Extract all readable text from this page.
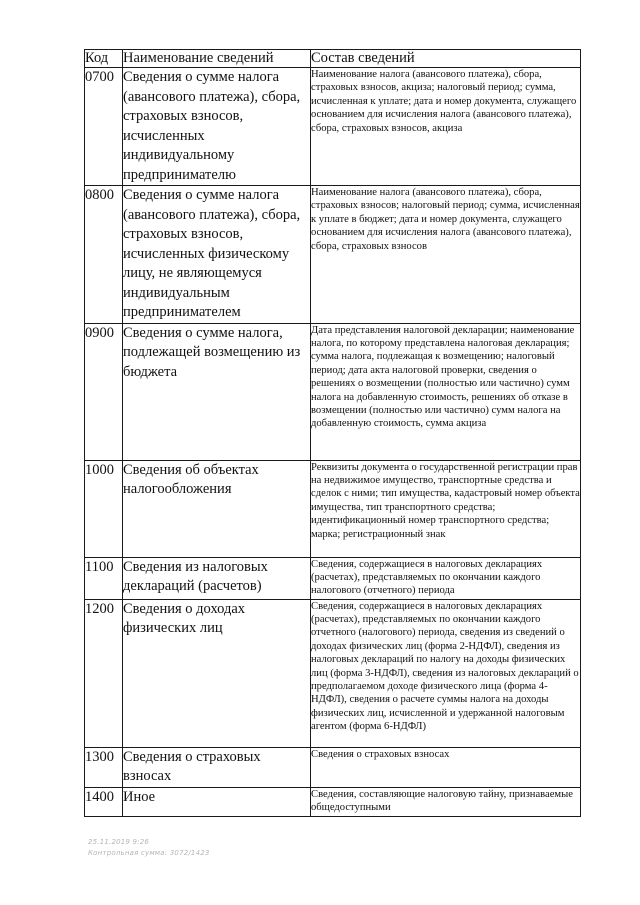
Код	Наименование сведений	Состав сведений
0700	Сведения о сумме налога (авансового платежа), сбора, страховых взносов, исчисленных индивидуальному предпринимателю	Наименование налога (авансового платежа), сбора, страховых взносов, акциза; налоговый период; сумма, исчисленная к уплате; дата и номер документа, служащего основанием для исчисления налога (авансового платежа), сбора, страховых взносов, акциза
0800	Сведения о сумме налога (авансового платежа), сбора, страховых взносов, исчисленных физическому лицу, не являющемуся индивидуальным предпринимателем	Наименование налога (авансового платежа), сбора, страховых взносов; налоговый период; сумма, исчисленная к уплате в бюджет; дата и номер документа, служащего основанием для исчисления налога (авансового платежа), сбора, страховых взносов
0900	Сведения о сумме налога, подлежащей возмещению из бюджета	Дата представления налоговой декларации; наименование налога, по которому представлена налоговая декларация; сумма налога, подлежащая к возмещению; налоговый период; дата акта налоговой проверки, сведения о решениях о возмещении (полностью или частично) сумм налога на добавленную стоимость, решениях об отказе в возмещении (полностью или частично) сумм налога на добавленную стоимость, сумма акциза
1000	Сведения об объектах налогообложения	Реквизиты документа о государственной регистрации прав на недвижимое имущество, транспортные средства и сделок с ними; тип имущества, кадастровый номер объекта имущества, тип транспортного средства; идентификационный номер транспортного средства; марка; регистрационный знак
1100	Сведения из налоговых деклараций (расчетов)	Сведения, содержащиеся в налоговых декларациях (расчетах), представляемых по окончании каждого налогового (отчетного) периода
1200	Сведения о доходах физических лиц	Сведения, содержащиеся в налоговых декларациях (расчетах), представляемых по окончании каждого отчетного (налогового) периода, сведения из сведений о доходах физических лиц (форма 2-НДФЛ), сведения из налоговых деклараций по налогу на доходы физических лиц (форма 3-НДФЛ), сведения из налоговых деклараций о предполагаемом доходе физического лица (форма 4-НДФЛ), сведения о расчете суммы налога на доходы физических лиц, исчисленной и удержанной налоговым агентом (форма 6-НДФЛ)
1300	Сведения о страховых взносах	Сведения о страховых взносах
1400	Иное	Сведения, составляющие налоговую тайну, признаваемые общедоступными
25.11.2019 9:26
Контрольная сумма: 3072/1423
